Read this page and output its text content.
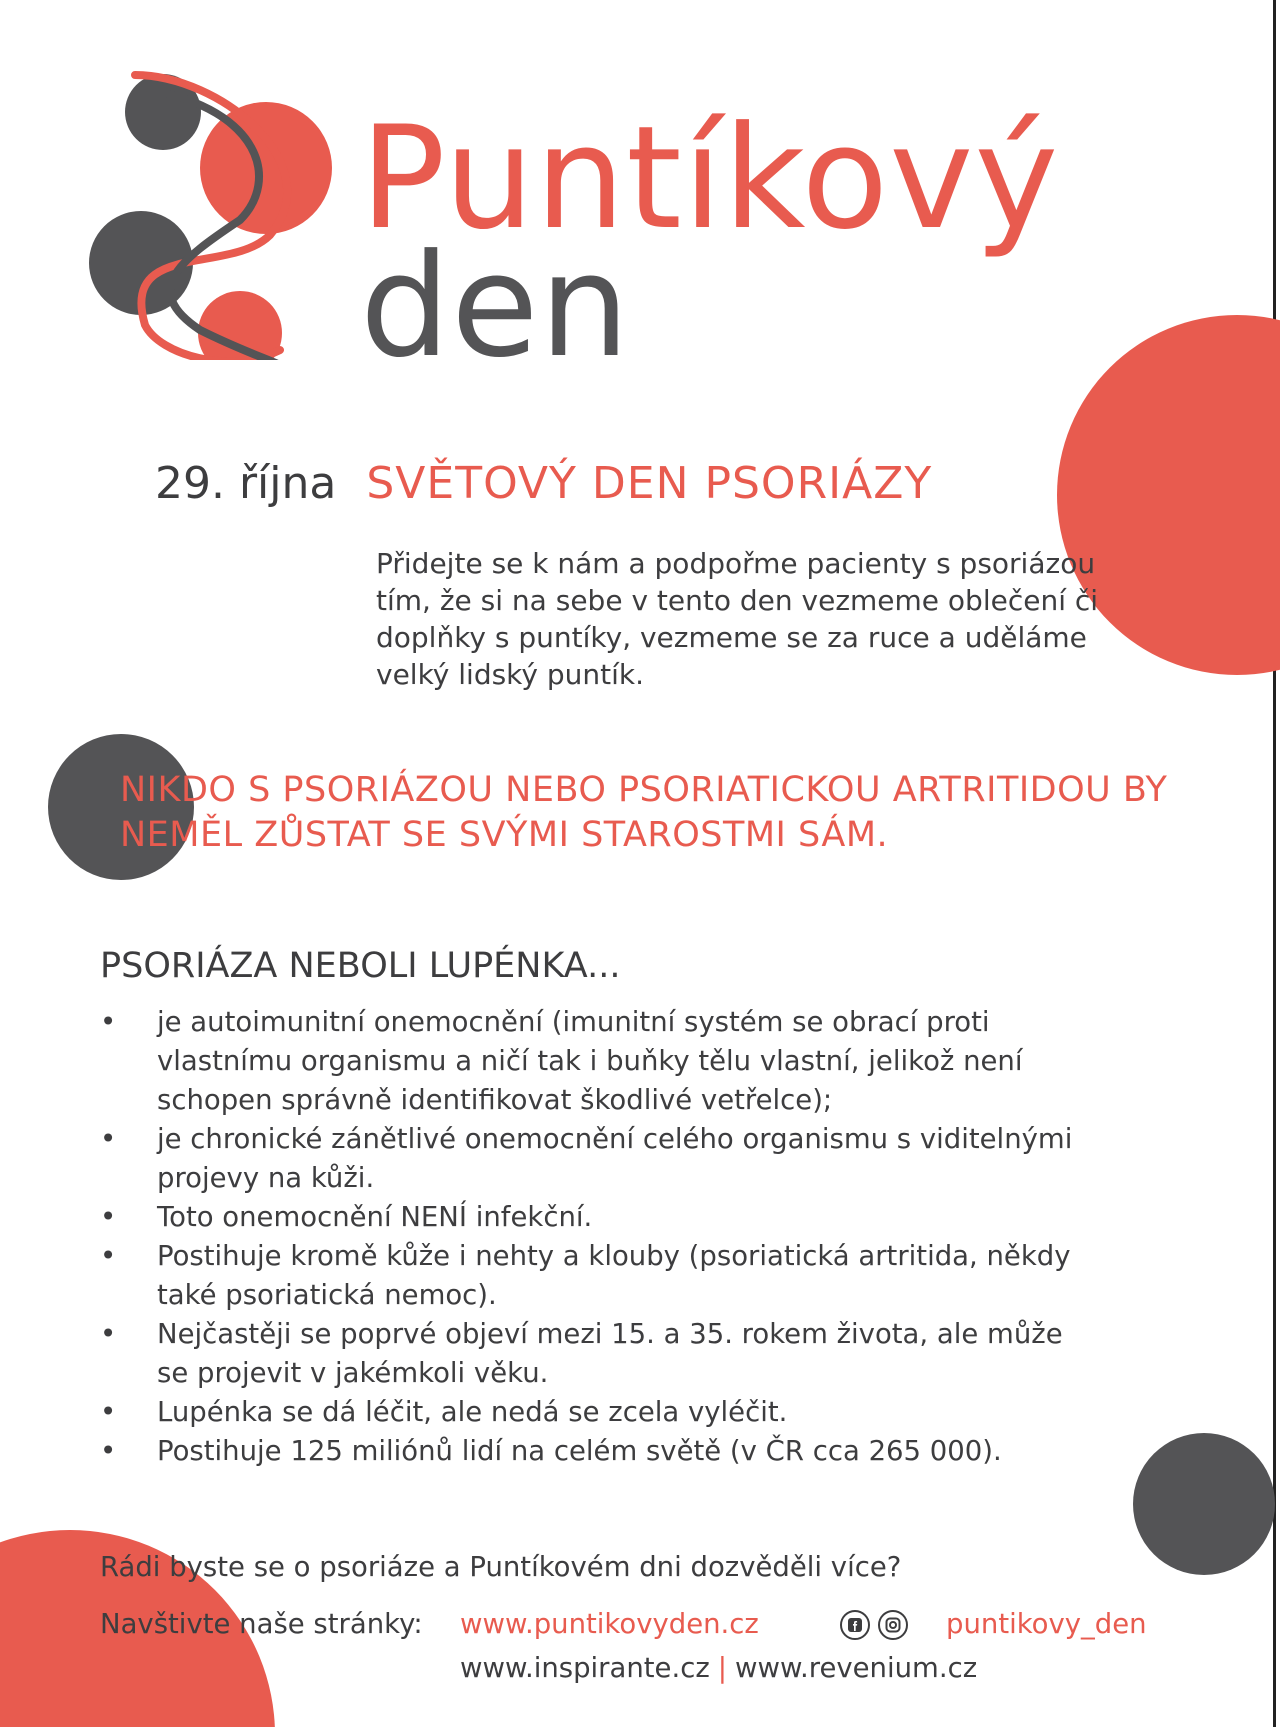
Puntíkový
den
29. října SVĚTOVÝ DEN PSORIÁZY

Přidejte se k nám a podpořme pacienty s psoriázou tím, že si na sebe v tento den vezmeme oblečení či doplňky s puntíky, vezmeme se za ruce a uděláme velký lidský puntík.

NIKDO S PSORIÁZOU NEBO PSORIATICKOU ARTRITIDOU BY NEMĚL ZŮSTAT SE SVÝMI STAROSTMI SÁM.

PSORIÁZA NEBOLI LUPÉNKA...
• je autoimunitní onemocnění (imunitní systém se obrací proti vlastnímu organismu a ničí tak i buňky tělu vlastní, jelikož není schopen správně identifikovat škodlivé vetřelce);
• je chronické zánětlivé onemocnění celého organismu s viditelnými projevy na kůži.
• Toto onemocnění NENÍ infekční.
• Postihuje kromě kůže i nehty a klouby (psoriatická artritida, někdy také psoriatická nemoc).
• Nejčastěji se poprvé objeví mezi 15. a 35. rokem života, ale může se projevit v jakémkoli věku.
• Lupénka se dá léčit, ale nedá se zcela vyléčit.
• Postihuje 125 miliónů lidí na celém světě (v ČR cca 265 000).

Rádi byste se o psoriáze a Puntíkovém dni dozvěděli více?

Navštivte naše stránky: www.puntikovyden.cz	puntikovy_den
www.inspirante.cz | www.revenium.cz
